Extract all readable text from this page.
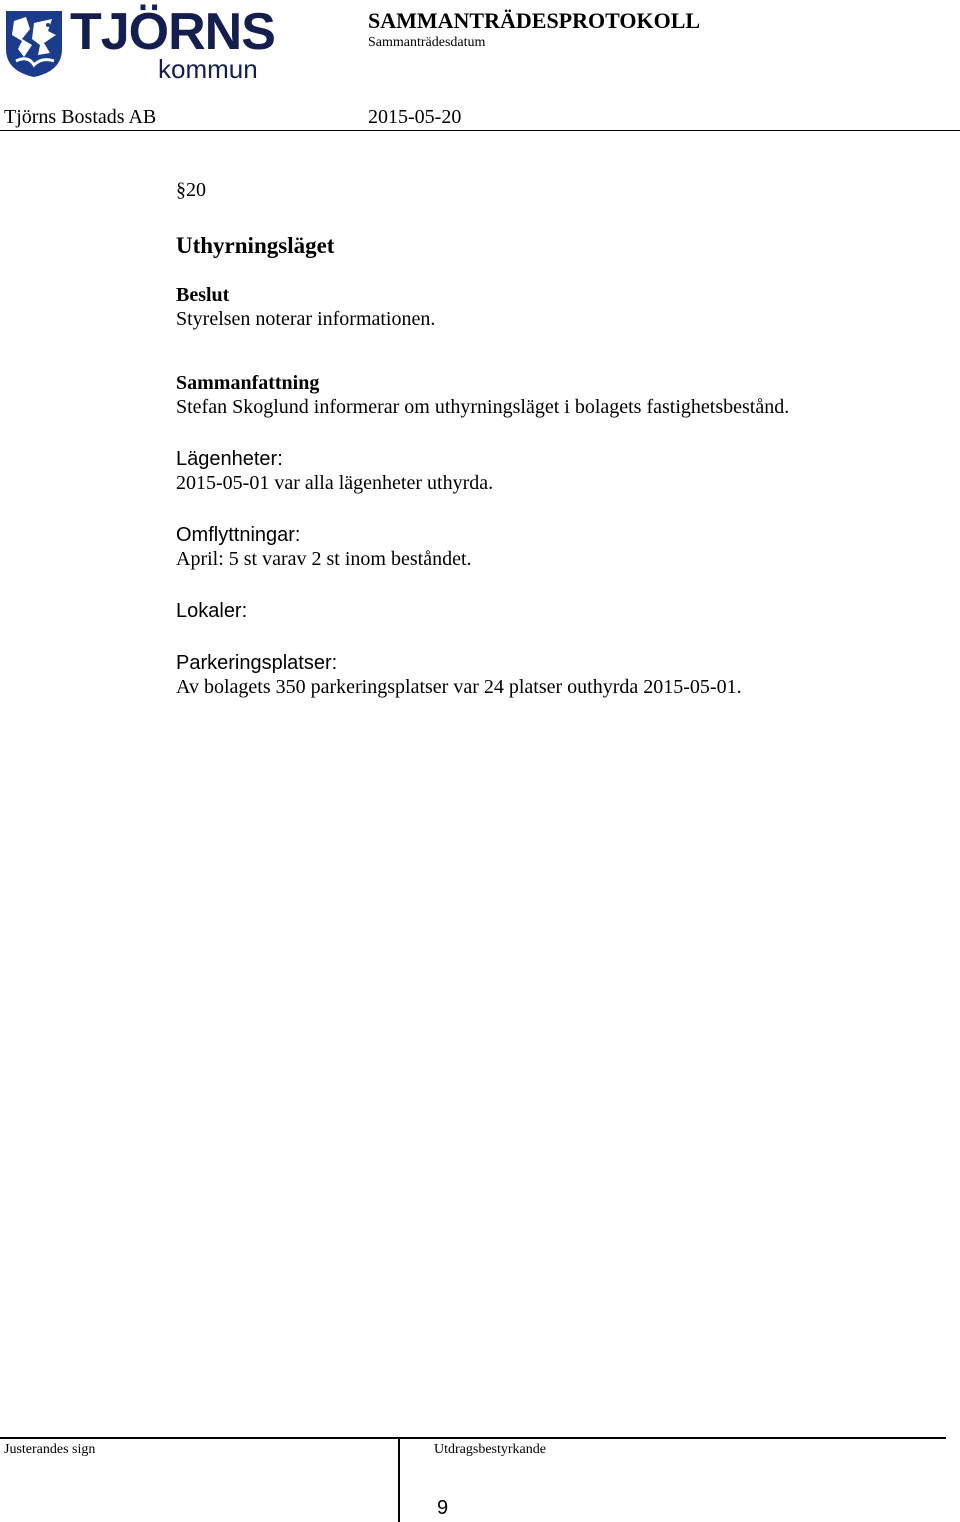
TJÖRNS
kommun
SAMMANTRÄDESPROTOKOLL
Sammanträdesdatum
Tjörns Bostads AB	2015-05-20

§20

Uthyrningsläget

Beslut

Styrelsen noterar informationen.

Sammanfattning

Stefan Skoglund informerar om uthyrningsläget i bolagets fastighetsbestånd.

Lägenheter:

2015-05-01 var alla lägenheter uthyrda.

Omflyttningar:

April: 5 st varav 2 st inom beståndet.

Lokaler:

Parkeringsplatser:

Av bolagets 350 parkeringsplatser var 24 platser outhyrda 2015-05-01.

Justerandes sign	Utdragsbestyrkande
9
